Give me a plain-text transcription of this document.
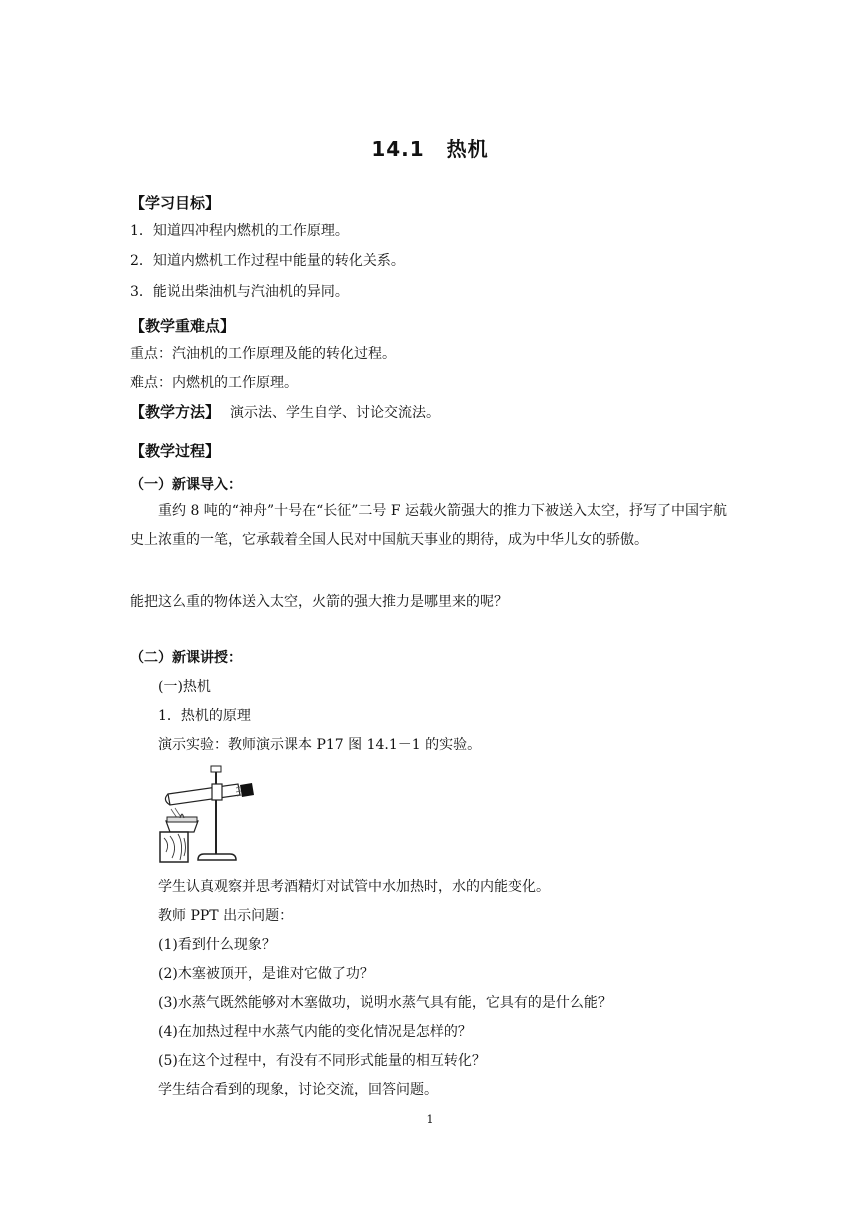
14.1 热机
【学习目标】
1．知道四冲程内燃机的工作原理。
2．知道内燃机工作过程中能量的转化关系。
3．能说出柴油机与汽油机的异同。
【教学重难点】
重点：汽油机的工作原理及能的转化过程。
难点：内燃机的工作原理。
【教学方法】 演示法、学生自学、讨论交流法。
【教学过程】
（一）新课导入：
重约 8 吨的“神舟”十号在“长征”二号 F 运载火箭强大的推力下被送入太空，抒写了中国宇航史上浓重的一笔，它承载着全国人民对中国航天事业的期待，成为中华儿女的骄傲。
能把这么重的物体送入太空，火箭的强大推力是哪里来的呢？
（二）新课讲授：
(一)热机
1．热机的原理
演示实验：教师演示课本 P17 图 14.1－1 的实验。
学生认真观察并思考酒精灯对试管中水加热时，水的内能变化。
教师 PPT 出示问题：
(1)看到什么现象？
(2)木塞被顶开，是谁对它做了功？
(3)水蒸气既然能够对木塞做功，说明水蒸气具有能，它具有的是什么能？
(4)在加热过程中水蒸气内能的变化情况是怎样的？
(5)在这个过程中，有没有不同形式能量的相互转化？
学生结合看到的现象，讨论交流，回答问题。
1
